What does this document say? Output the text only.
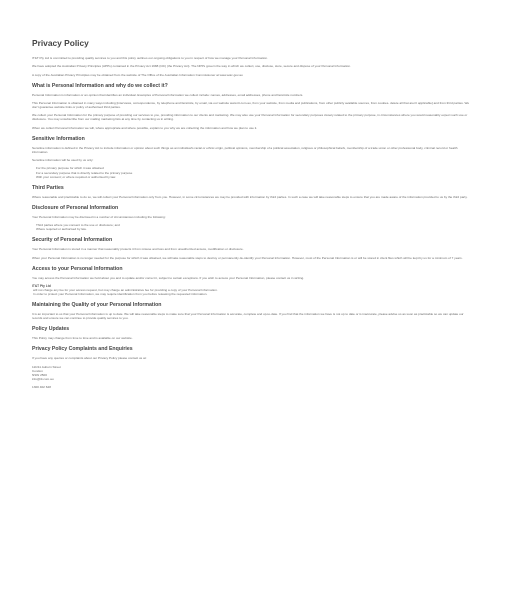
Privacy Policy

IT&T Pty Ltd is committed to providing quality services to you and this policy outlines our ongoing obligations to you in respect of how we manage your Personal Information.

We have adopted the Australian Privacy Principles (APPs) contained in the Privacy Act 1988 (Cth) (the Privacy Act). The NPPs govern the way in which we collect, use, disclose, store, secure and dispose of your Personal Information.

A copy of the Australian Privacy Principles may be obtained from the website of The Office of the Australian Information Commissioner at www.aoic.gov.au

What is Personal Information and why do we collect it?

Personal Information is information or an opinion that identifies an individual. Examples of Personal Information we collect include: names, addresses, email addresses, phone and facsimile numbers.

This Personal Information is obtained in many ways including [interviews, correspondence, by telephone and facsimile, by email, via our website www.itt.com.au, from your website, from media and publications, from other publicly available sources, from cookies- delete all that aren't applicable] and from third parties. We don't guarantee website links or policy of authorised third parties.

We collect your Personal Information for the primary purpose of providing our services to you, providing information to our clients and marketing. We may also use your Personal Information for secondary purposes closely related to the primary purpose, in circumstances where you would reasonably expect such use or disclosure. You may unsubscribe from our mailing marketing lists at any time by contacting us in writing.

When we collect Personal Information we will, where appropriate and where possible, explain to you why we are collecting the information and how we plan to use it.

Sensitive Information

Sensitive information is defined in the Privacy Act to include information or opinion about such things as an individual's racial or ethnic origin, political opinions, membership of a political association, religious or philosophical beliefs, membership of a trade union or other professional body, criminal record or health information.

Sensitive information will be used by us only:

For the primary purpose for which it was obtained
For a secondary purpose that is directly related to the primary purpose
With your consent; or where required or authorised by law.
Third Parties

Where reasonable and practicable to do so, we will collect your Personal Information only from you. However, in some circumstances we may be provided with information by third parties. In such a case we will take reasonable steps to ensure that you are made aware of the information provided to us by the third party.

Disclosure of Personal Information

Your Personal Information may be disclosed in a number of circumstances including the following:

Third parties where you consent to the use or disclosure; and
Where required or authorised by law.
Security of Personal Information

Your Personal Information is stored in a manner that reasonably protects it from misuse and loss and from unauthorized access, modification or disclosure.

When your Personal Information is no longer needed for the purpose for which it was obtained, we will take reasonable steps to destroy or permanently de-identify your Personal Information. However, most of the Personal Information is or will be stored in client files which will be kept by us for a minimum of 7 years.

Access to your Personal Information

You may access the Personal Information we hold about you and to update and/or correct it, subject to certain exceptions. If you wish to access your Personal Information, please contact us in writing.

IT&T Pty Ltd
will not charge any fee for your access request, but may charge an administrative fee for providing a copy of your Personal Information.
In order to protect your Personal Information, we may require identification from you before releasing the requested information.
Maintaining the Quality of your Personal Information

It is an important to us that your Personal Information is up to date. We will take reasonable steps to make sure that your Personal Information is accurate, complete and up-to-date. If you find that the information we have is not up to date or is inaccurate, please advise us as soon as practicable so we can update our records and ensure we can continue to provide quality services to you.

Policy Updates

This Policy may change from time to time and is available on our website.

Privacy Policy Complaints and Enquiries

If you have any queries or complaints about our Privacy Policy please contact us at:

11b/11 Auburn Street
Condon
NSW 2500
info@itt.com.au

1300 402 628
